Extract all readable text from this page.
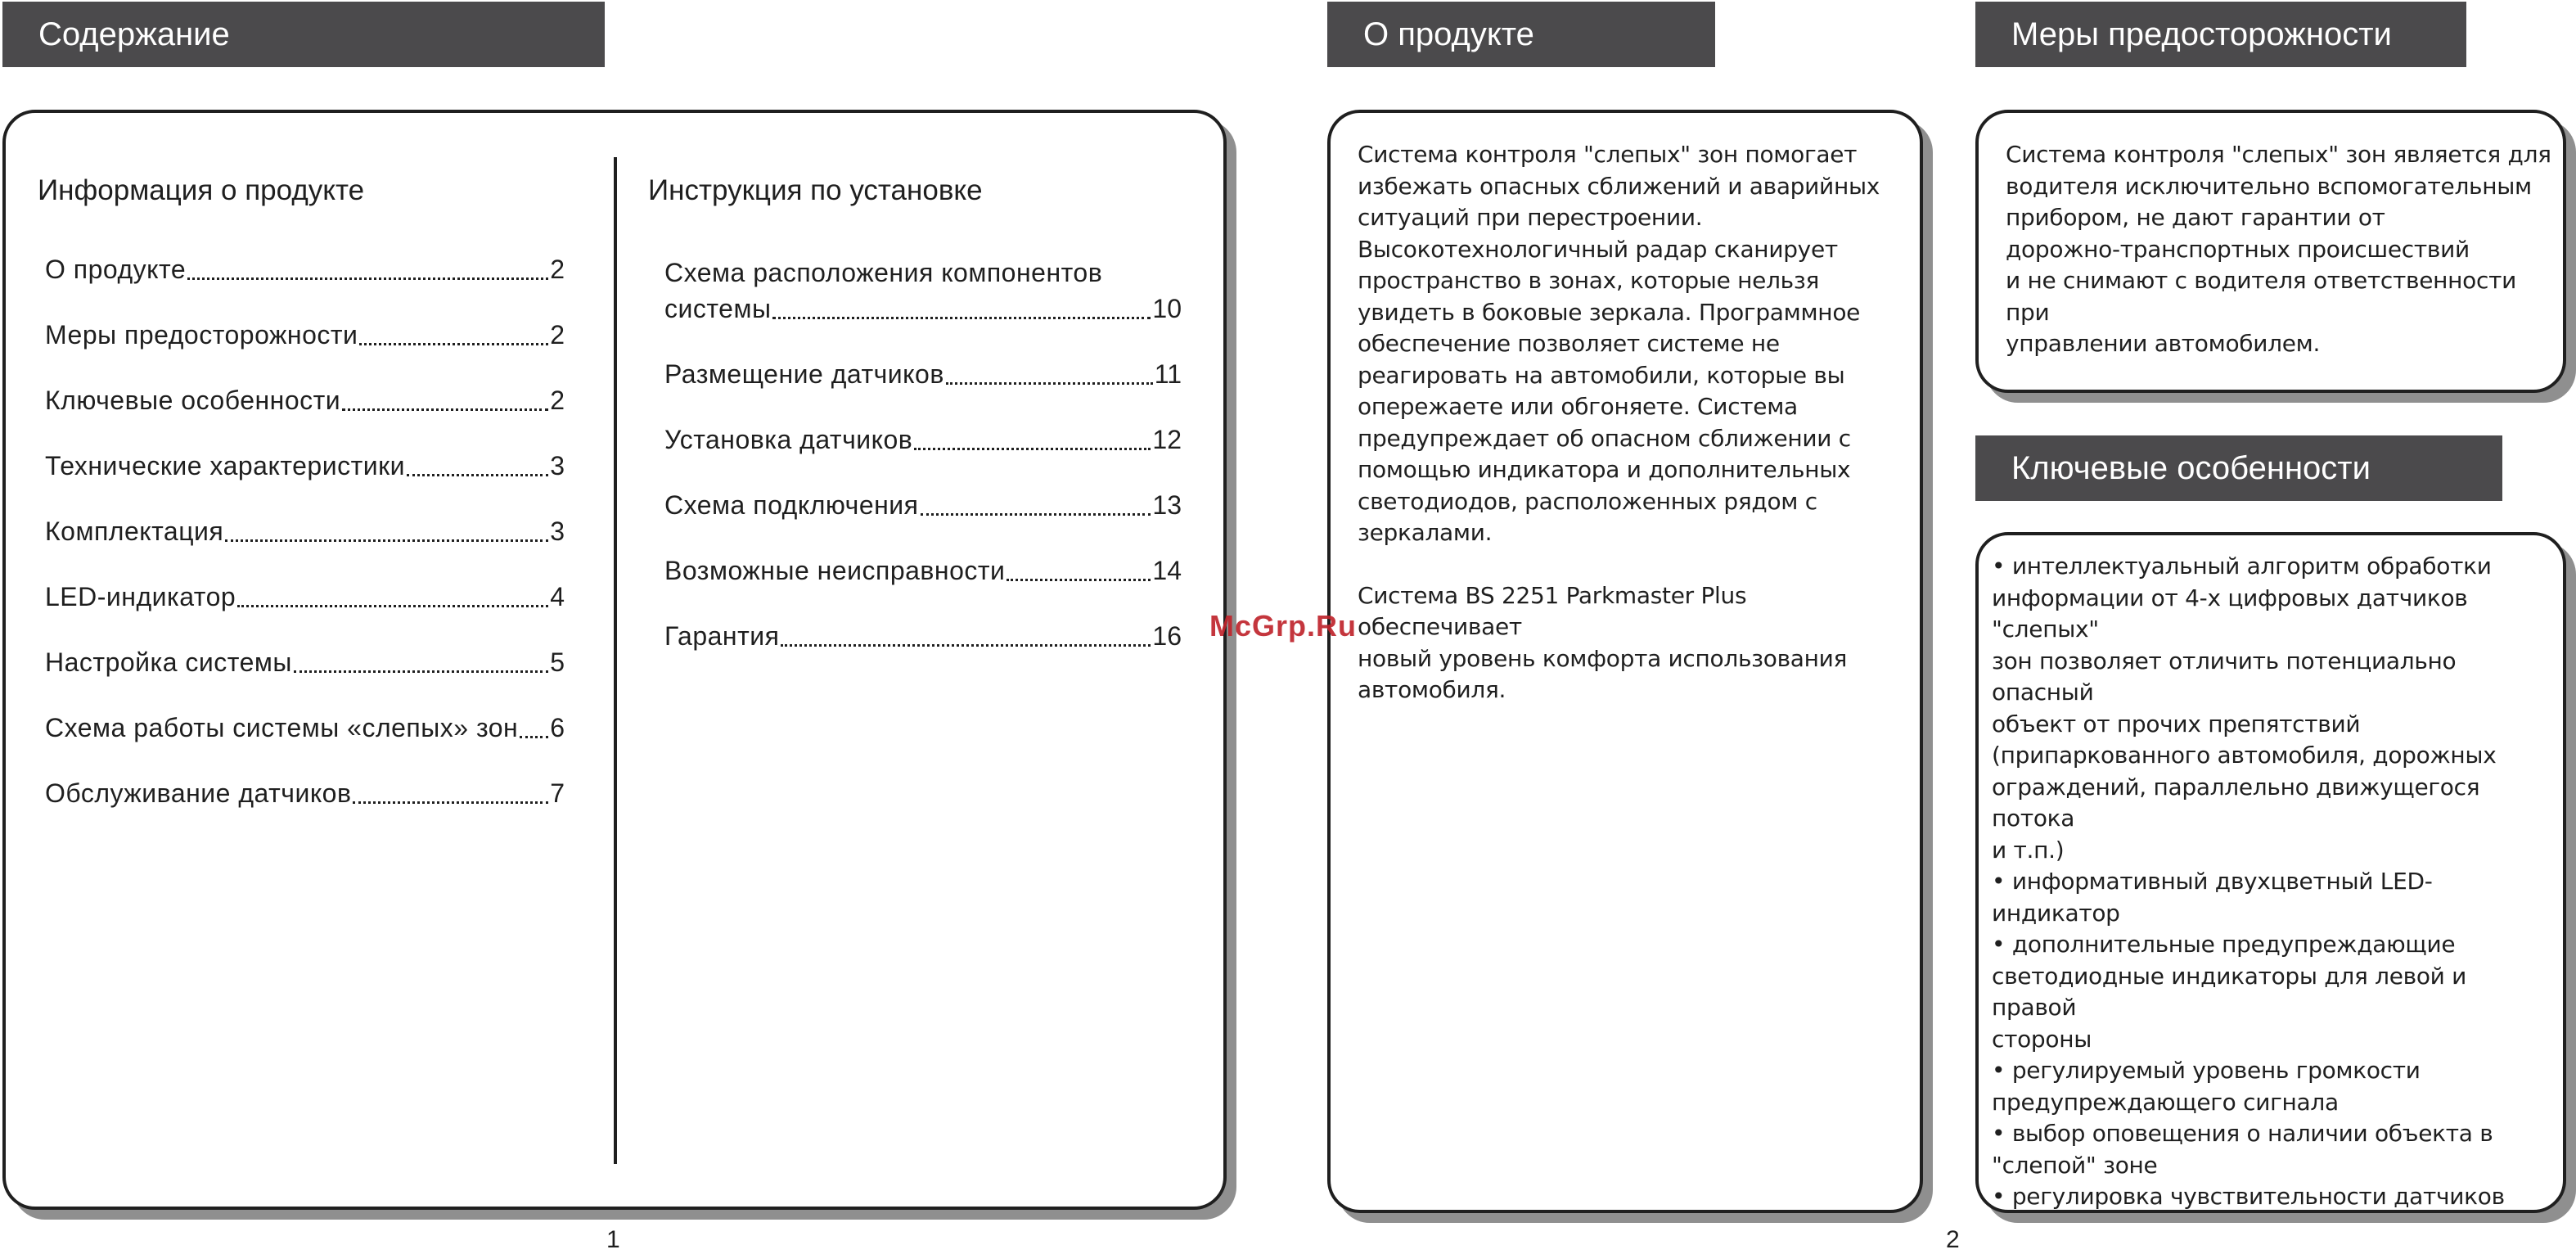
Содержание
Информация о продукте
О продукте	2
Меры предосторожности	2
Ключевые особенности	2
Технические характеристики	3
Комплектация	3
LED-индикатор	4
Настройка системы	5
Схема работы системы «слепых» зон 6
Обслуживание датчиков	7
Инструкция по установке
Схема расположения компонентов
системы	10
Размещение датчиков	11
Установка датчиков	12
Схема подключения	13
Возможные неисправности	14
Гарантия	16
1
О продукте

Система контроля "слепых" зон помогает

избежать опасных сближений и аварийных

ситуаций при перестроении.

Высокотехнологичный радар сканирует

пространство в зонах, которые нельзя

увидеть в боковые зеркала. Программное

обеспечение позволяет системе не

реагировать на автомобили, которые вы

опережаете или обгоняете. Система

предупреждает об опасном сближении с

помощью индикатора и дополнительных

светодиодов, расположенных рядом с

зеркалами.

Система BS 2251 Parkmaster Plus обеспечивает

новый уровень комфорта использования

автомобиля.

Меры предосторожности

Система контроля "слепых" зон является для

водителя исключительно вспомогательным

прибором, не дают гарантии от

дорожно-транспортных происшествий

и не снимают с водителя ответственности при

управлении автомобилем.

Ключевые особенности

• интеллектуальный алгоритм обработки

информации от 4-х цифровых датчиков "слепых"

зон позволяет отличить потенциально опасный

объект от прочих препятствий

(припаркованного автомобиля, дорожных

ограждений, параллельно движущегося потока

и т.п.)

• информативный двухцветный LED-индикатор

• дополнительные предупреждающие

светодиодные индикаторы для левой и правой

стороны

• регулируемый уровень громкости

предупреждающего сигнала

• выбор оповещения о наличии объекта в

"слепой" зоне

• регулировка чувствительности датчиков

2
McGrp.Ru
